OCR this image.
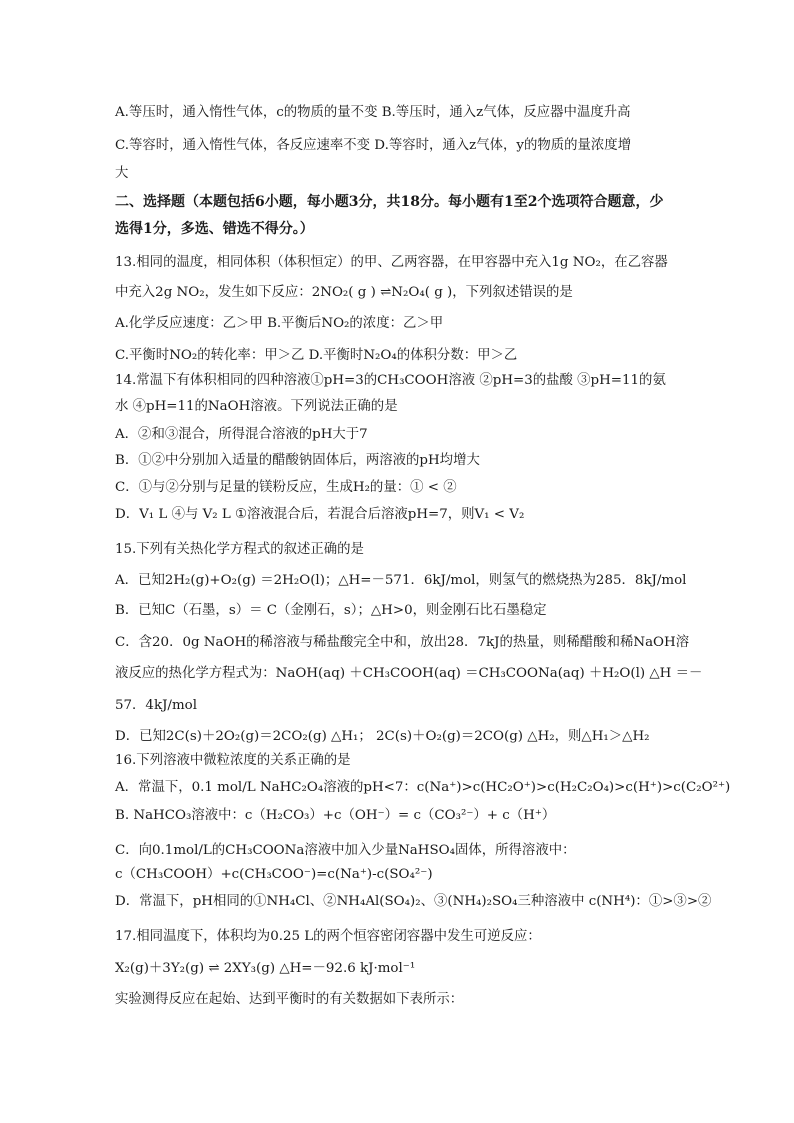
A.等压时，通入惰性气体，c的物质的量不变 B.等压时，通入z气体，反应器中温度升高
C.等容时，通入惰性气体，各反应速率不变 D.等容时，通入z气体，y的物质的量浓度增
大
二、选择题（本题包括6小题，每小题3分，共18分。每小题有1至2个选项符合题意，少
选得1分，多选、错选不得分。）
13.相同的温度，相同体积（体积恒定）的甲、乙两容器，在甲容器中充入1g NO₂，在乙容器
中充入2g NO₂，发生如下反应：2NO₂( g ) ⇌N₂O₄( g )，下列叙述错误的是
A.化学反应速度：乙＞甲 B.平衡后NO₂的浓度：乙＞甲
C.平衡时NO₂的转化率：甲＞乙 D.平衡时N₂O₄的体积分数：甲＞乙
14.常温下有体积相同的四种溶液①pH=3的CH₃COOH溶液 ②pH=3的盐酸 ③pH=11的氨
水 ④pH=11的NaOH溶液。下列说法正确的是
A．②和③混合，所得混合溶液的pH大于7
B．①②中分别加入适量的醋酸钠固体后，两溶液的pH均增大
C．①与②分别与足量的镁粉反应，生成H₂的量：① < ②
D．V₁ L ④与 V₂ L ①溶液混合后，若混合后溶液pH=7，则V₁ < V₂
15.下列有关热化学方程式的叙述正确的是
A．已知2H₂(g)+O₂(g) ＝2H₂O(l)；△H=－571．6kJ/mol，则氢气的燃烧热为285．8kJ/mol
B．已知C（石墨，s）＝ C（金刚石，s）；△H>0，则金刚石比石墨稳定
C．含20．0g NaOH的稀溶液与稀盐酸完全中和，放出28．7kJ的热量，则稀醋酸和稀NaOH溶
液反应的热化学方程式为：NaOH(aq) ＋CH₃COOH(aq) ＝CH₃COONa(aq) ＋H₂O(l) △H ＝－
57．4kJ/mol
D．已知2C(s)＋2O₂(g)＝2CO₂(g) △H₁； 2C(s)＋O₂(g)＝2CO(g) △H₂，则△H₁＞△H₂
16.下列溶液中微粒浓度的关系正确的是
A．常温下，0.1 mol/L NaHC₂O₄溶液的pH<7：c(Na⁺)>c(HC₂O⁺)>c(H₂C₂O₄)>c(H⁺)>c(C₂O²⁺)
B. NaHCO₃溶液中：c（H₂CO₃）+c（OH⁻）= c（CO₃²⁻）+ c（H⁺）
C．向0.1mol/L的CH₃COONa溶液中加入少量NaHSO₄固体，所得溶液中：
c（CH₃COOH）+c(CH₃COO⁻)=c(Na⁺)-c(SO₄²⁻)
D．常温下，pH相同的①NH₄Cl、②NH₄Al(SO₄)₂、③(NH₄)₂SO₄三种溶液中 c(NH⁴)：①>③>②
17.相同温度下，体积均为0.25 L的两个恒容密闭容器中发生可逆反应：
X₂(g)＋3Y₂(g) ⇌ 2XY₃(g) △H=－92.6 kJ·mol⁻¹
实验测得反应在起始、达到平衡时的有关数据如下表所示：
